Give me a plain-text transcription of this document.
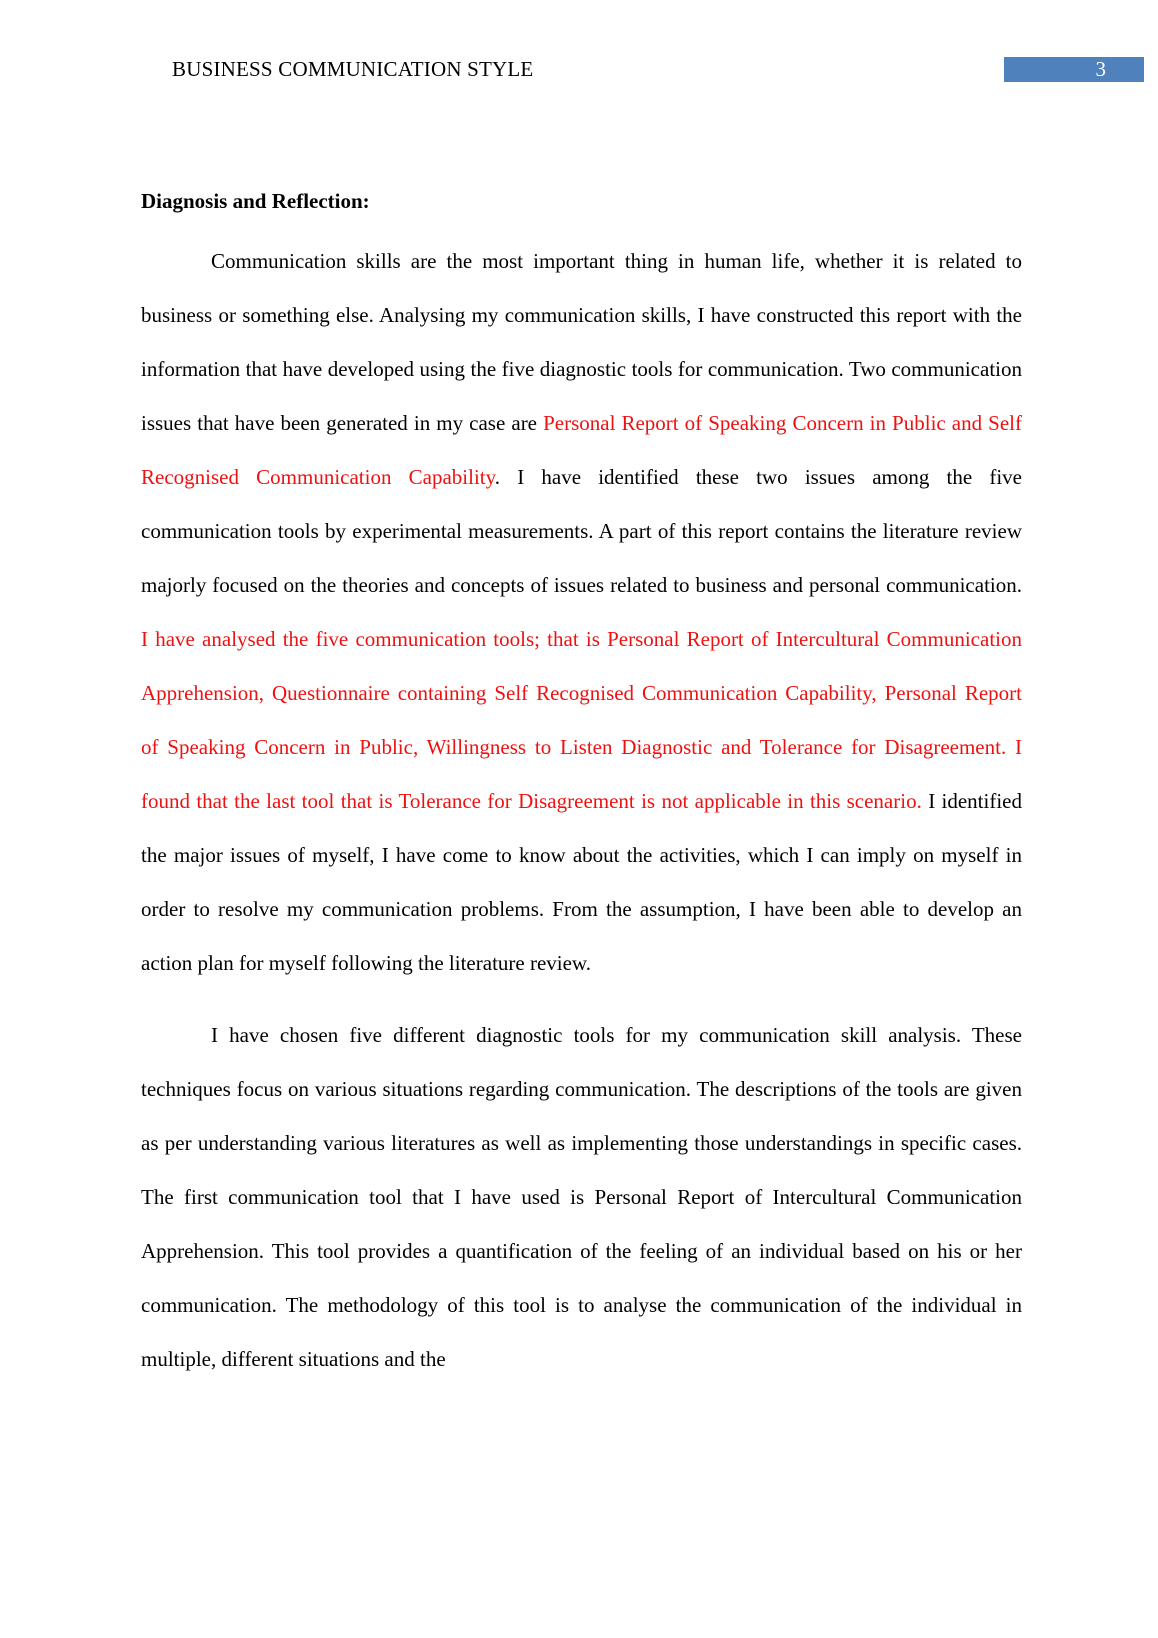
BUSINESS COMMUNICATION STYLE	3
Diagnosis and Reflection:

Communication skills are the most important thing in human life, whether it is related to business or something else. Analysing my communication skills, I have constructed this report with the information that have developed using the five diagnostic tools for communication. Two communication issues that have been generated in my case are Personal Report of Speaking Concern in Public and Self Recognised Communication Capability. I have identified these two issues among the five communication tools by experimental measurements. A part of this report contains the literature review majorly focused on the theories and concepts of issues related to business and personal communication. I have analysed the five communication tools; that is Personal Report of Intercultural Communication Apprehension, Questionnaire containing Self Recognised Communication Capability, Personal Report of Speaking Concern in Public, Willingness to Listen Diagnostic and Tolerance for Disagreement. I found that the last tool that is Tolerance for Disagreement is not applicable in this scenario. I identified the major issues of myself, I have come to know about the activities, which I can imply on myself in order to resolve my communication problems. From the assumption, I have been able to develop an action plan for myself following the literature review.

I have chosen five different diagnostic tools for my communication skill analysis. These techniques focus on various situations regarding communication. The descriptions of the tools are given as per understanding various literatures as well as implementing those understandings in specific cases. The first communication tool that I have used is Personal Report of Intercultural Communication Apprehension. This tool provides a quantification of the feeling of an individual based on his or her communication. The methodology of this tool is to analyse the communication of the individual in multiple, different situations and the
